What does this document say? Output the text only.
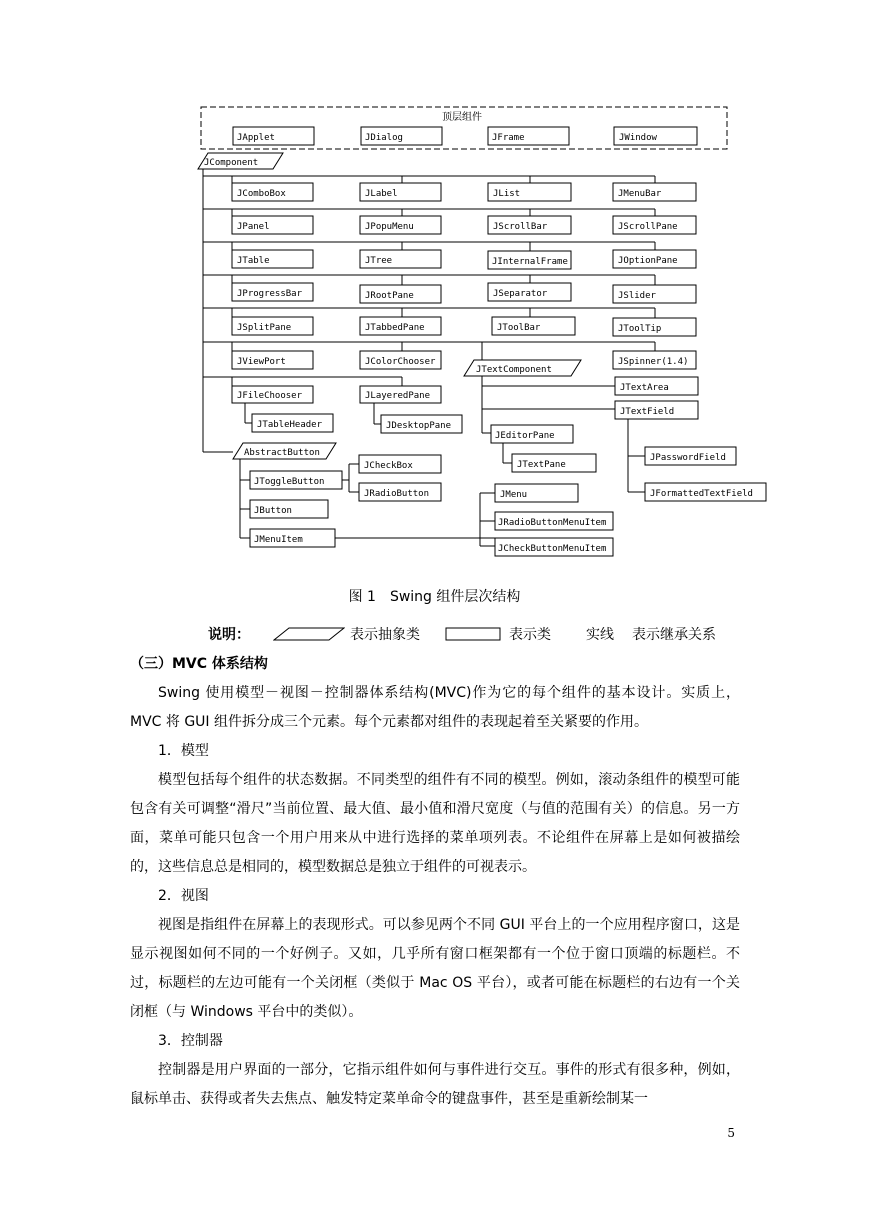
顶层组件
JApplet	JDialog	JFrame	JWindow
JComponent
JComboBox	JLabel	JList	JMenuBar
JPanel	JPopuMenu	JScrollBar	JScrollPane
JTable	JTree	JInternalFrame	JOptionPane
JProgressBar	JRootPane	JSeparator	JSlider
JSplitPane	JTabbedPane	JToolBar	JToolTip
JViewPort	JColorChooser	JSpinner(1.4)
JFileChooser
JTableHeader
JLayeredPane
JDesktopPane
JTextComponent
JTextArea
JTextField
JPasswordField
JFormattedTextField
JEditorPane
JTextPane
AbstractButton
JToggleButton
JCheckBox
JRadioButton
JButton
JMenuItem
JMenu
JRadioButtonMenuItem
JCheckButtonMenuItem
图 1 Swing 组件层次结构
说明：	表示抽象类	表示类	实线 表示继承关系
（三）MVC 体系结构

Swing 使用模型－视图－控制器体系结构(MVC)作为它的每个组件的基本设计。实质上，MVC 将 GUI 组件拆分成三个元素。每个元素都对组件的表现起着至关紧要的作用。

1．模型

模型包括每个组件的状态数据。不同类型的组件有不同的模型。例如，滚动条组件的模型可能包含有关可调整“滑尺”当前位置、最大值、最小值和滑尺宽度（与值的范围有关）的信息。另一方面，菜单可能只包含一个用户用来从中进行选择的菜单项列表。不论组件在屏幕上是如何被描绘的，这些信息总是相同的，模型数据总是独立于组件的可视表示。

2．视图

视图是指组件在屏幕上的表现形式。可以参见两个不同 GUI 平台上的一个应用程序窗口，这是显示视图如何不同的一个好例子。又如，几乎所有窗口框架都有一个位于窗口顶端的标题栏。不过，标题栏的左边可能有一个关闭框（类似于 Mac OS 平台），或者可能在标题栏的右边有一个关闭框（与 Windows 平台中的类似）。

3．控制器

控制器是用户界面的一部分，它指示组件如何与事件进行交互。事件的形式有很多种，例如，鼠标单击、获得或者失去焦点、触发特定菜单命令的键盘事件，甚至是重新绘制某一

5
